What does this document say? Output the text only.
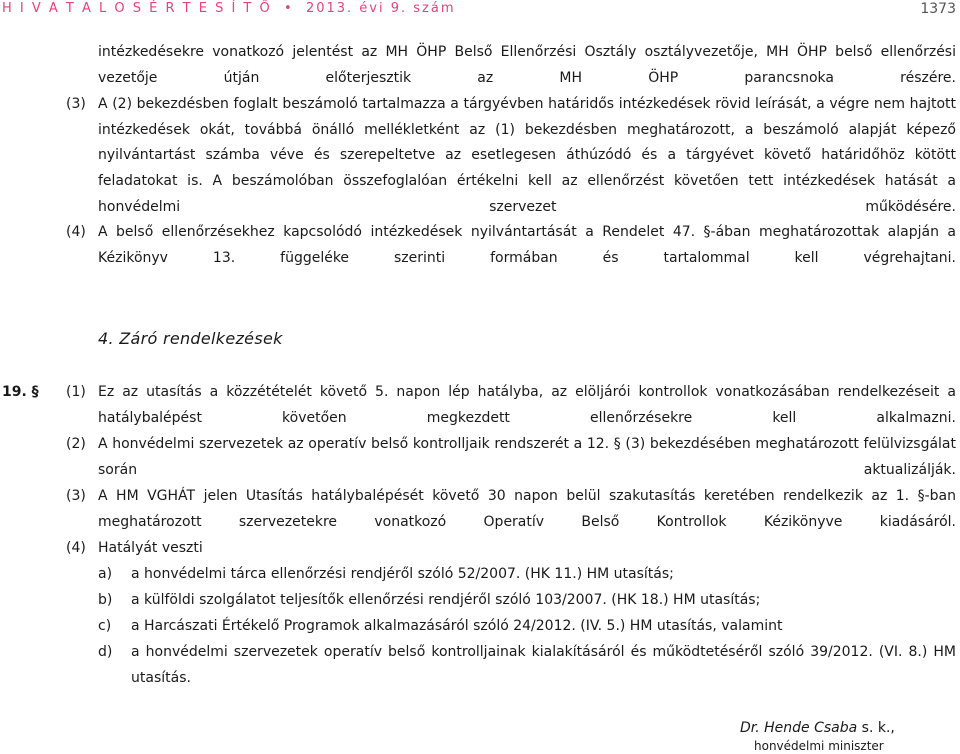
H I V A T A L O S É R T E S Í T Ő • 2013. évi 9. szám	1373
intézkedésekre vonatkozó jelentést az MH ÖHP Belső Ellenőrzési Osztály osztályvezetője, MH ÖHP belső ellenőrzési vezetője útján előterjesztik az MH ÖHP parancsnoka részére.
(3) A (2) bekezdésben foglalt beszámoló tartalmazza a tárgyévben határidős intézkedések rövid leírását, a végre nem hajtott intézkedések okát, továbbá önálló mellékletként az (1) bekezdésben meghatározott, a beszámoló alapját képező nyilvántartást számba véve és szerepeltetve az esetlegesen áthúzódó és a tárgyévet követő határidőhöz kötött feladatokat is. A beszámolóban összefoglalóan értékelni kell az ellenőrzést követően tett intézkedések hatását a honvédelmi szervezet működésére.
(4) A belső ellenőrzésekhez kapcsolódó intézkedések nyilvántartását a Rendelet 47. §-ában meghatározottak alapján a Kézikönyv 13. függeléke szerinti formában és tartalommal kell végrehajtani.
4. Záró rendelkezések
19. § (1) Ez az utasítás a közzétételét követő 5. napon lép hatályba, az elöljárói kontrollok vonatkozásában rendelkezéseit a hatálybalépést követően megkezdett ellenőrzésekre kell alkalmazni.
(2) A honvédelmi szervezetek az operatív belső kontrolljaik rendszerét a 12. § (3) bekezdésében meghatározott felülvizsgálat során aktualizálják.
(3) A HM VGHÁT jelen Utasítás hatálybalépését követő 30 napon belül szakutasítás keretében rendelkezik az 1. §-ban meghatározott szervezetekre vonatkozó Operatív Belső Kontrollok Kézikönyve kiadásáról.
(4) Hatályát veszti
a) a honvédelmi tárca ellenőrzési rendjéről szóló 52/2007. (HK 11.) HM utasítás;
b) a külföldi szolgálatot teljesítők ellenőrzési rendjéről szóló 103/2007. (HK 18.) HM utasítás;
c) a Harcászati Értékelő Programok alkalmazásáról szóló 24/2012. (IV. 5.) HM utasítás, valamint
d) a honvédelmi szervezetek operatív belső kontrolljainak kialakításáról és működtetéséről szóló 39/2012. (VI. 8.) HM utasítás.
Dr. Hende Csaba s. k.,
honvédelmi miniszter
